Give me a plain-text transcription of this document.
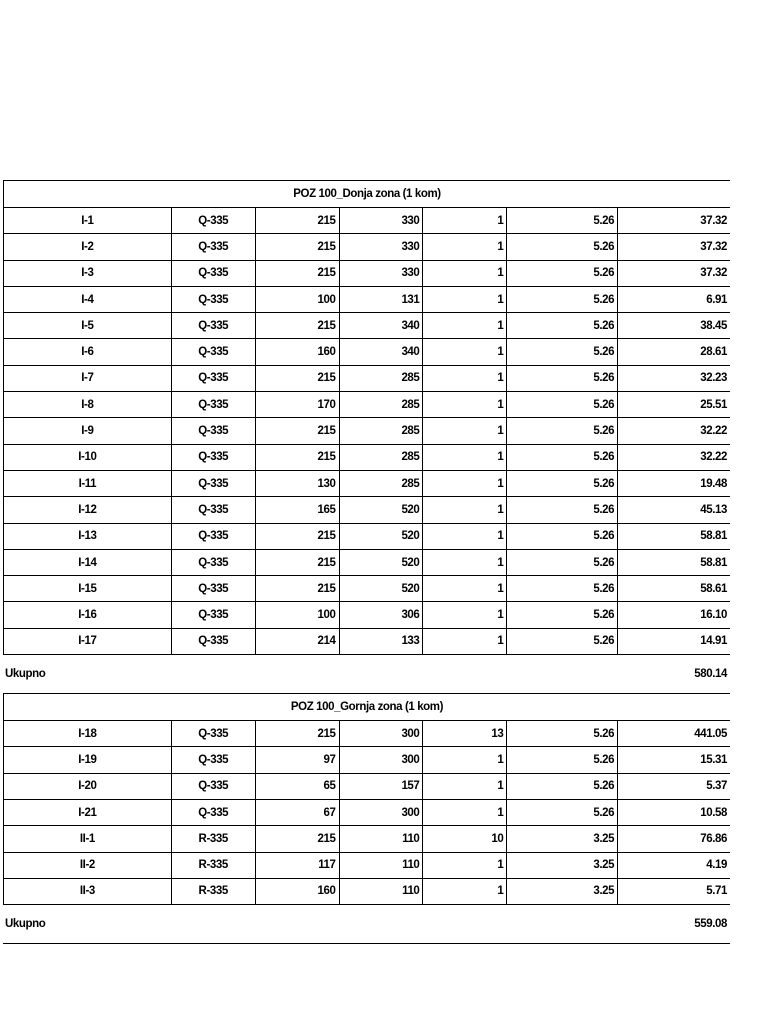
POZ 100_Donja zona (1 kom)
I-1	Q-335	215	330	1	5.26	37.32
I-2	Q-335	215	330	1	5.26	37.32
I-3	Q-335	215	330	1	5.26	37.32
I-4	Q-335	100	131	1	5.26	6.91
I-5	Q-335	215	340	1	5.26	38.45
I-6	Q-335	160	340	1	5.26	28.61
I-7	Q-335	215	285	1	5.26	32.23
I-8	Q-335	170	285	1	5.26	25.51
I-9	Q-335	215	285	1	5.26	32.22
I-10	Q-335	215	285	1	5.26	32.22
I-11	Q-335	130	285	1	5.26	19.48
I-12	Q-335	165	520	1	5.26	45.13
I-13	Q-335	215	520	1	5.26	58.81
I-14	Q-335	215	520	1	5.26	58.81
I-15	Q-335	215	520	1	5.26	58.61
I-16	Q-335	100	306	1	5.26	16.10
I-17	Q-335	214	133	1	5.26	14.91
Ukupno	580.14
POZ 100_Gornja zona (1 kom)
I-18	Q-335	215	300	13	5.26	441.05
I-19	Q-335	97	300	1	5.26	15.31
I-20	Q-335	65	157	1	5.26	5.37
I-21	Q-335	67	300	1	5.26	10.58
II-1	R-335	215	110	10	3.25	76.86
II-2	R-335	117	110	1	3.25	4.19
II-3	R-335	160	110	1	3.25	5.71
Ukupno	559.08
